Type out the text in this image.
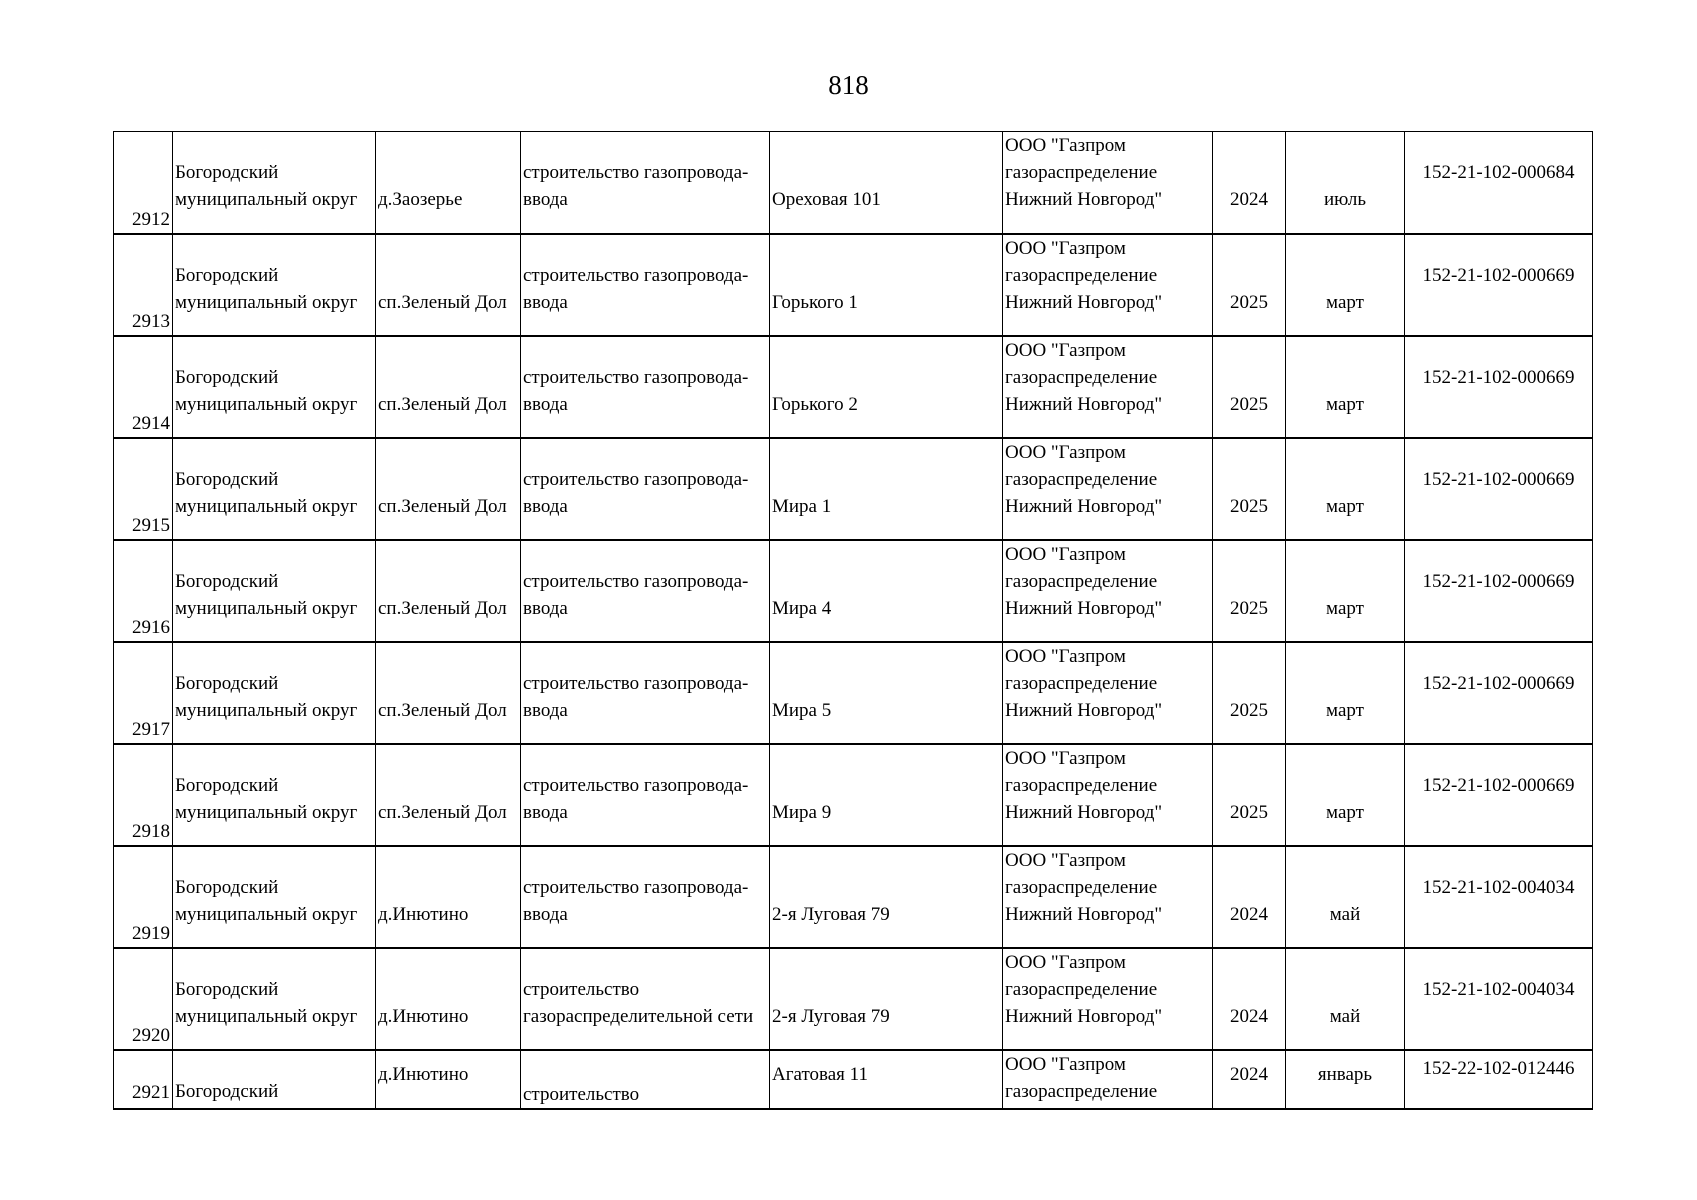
818
2912	Богородский
муниципальный округ	д.Заозерье	строительство газопровода-
ввода	Ореховая 101	ООО "Газпром
газораспределение
Нижний Новгород"	2024	июль	152-21-102-000684

2913	Богородский
муниципальный округ	сп.Зеленый Дол	строительство газопровода-
ввода	Горького 1	ООО "Газпром
газораспределение
Нижний Новгород"	2025	март	152-21-102-000669

2914	Богородский
муниципальный округ	сп.Зеленый Дол	строительство газопровода-
ввода	Горького 2	ООО "Газпром
газораспределение
Нижний Новгород"	2025	март	152-21-102-000669

2915	Богородский
муниципальный округ	сп.Зеленый Дол	строительство газопровода-
ввода	Мира 1	ООО "Газпром
газораспределение
Нижний Новгород"	2025	март	152-21-102-000669

2916	Богородский
муниципальный округ	сп.Зеленый Дол	строительство газопровода-
ввода	Мира 4	ООО "Газпром
газораспределение
Нижний Новгород"	2025	март	152-21-102-000669

2917	Богородский
муниципальный округ	сп.Зеленый Дол	строительство газопровода-
ввода	Мира 5	ООО "Газпром
газораспределение
Нижний Новгород"	2025	март	152-21-102-000669

2918	Богородский
муниципальный округ	сп.Зеленый Дол	строительство газопровода-
ввода	Мира 9	ООО "Газпром
газораспределение
Нижний Новгород"	2025	март	152-21-102-000669

2919	Богородский
муниципальный округ	д.Инютино	строительство газопровода-
ввода	2-я Луговая 79	ООО "Газпром
газораспределение
Нижний Новгород"	2024	май	152-21-102-004034

2920	Богородский
муниципальный округ	д.Инютино	строительство
газораспределительной сети	2-я Луговая 79	ООО "Газпром
газораспределение
Нижний Новгород"	2024	май	152-21-102-004034

2921	Богородский	д.Инютино	строительство	Агатовая 11	ООО "Газпром
газораспределение	2024	январь	152-22-102-012446
